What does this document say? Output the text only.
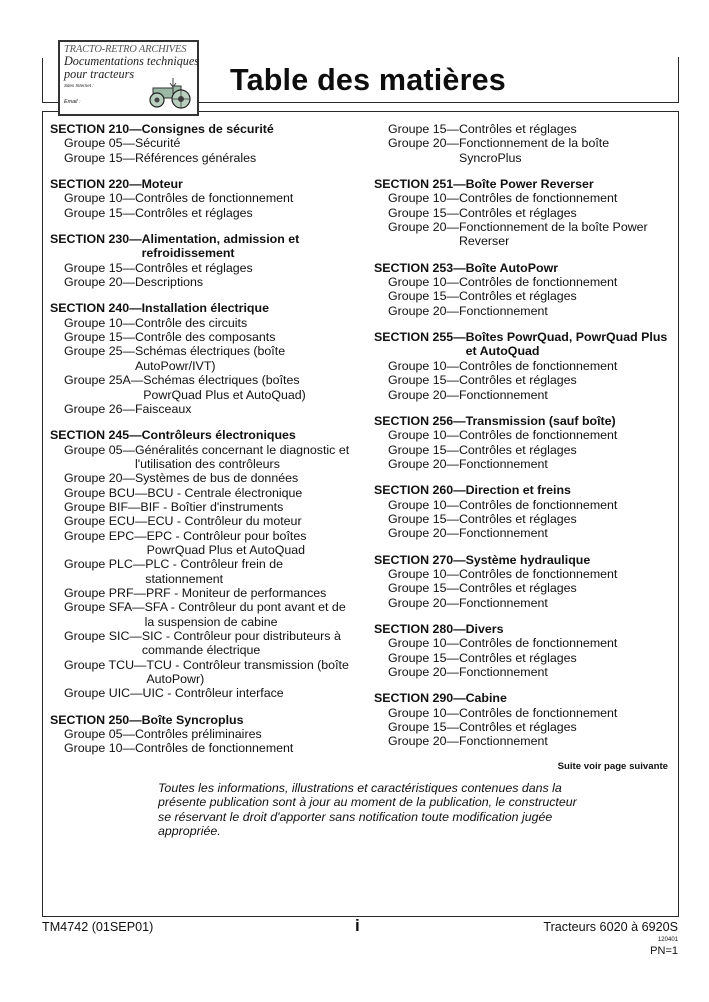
TRACTO-RETRO ARCHIVES
Documentations techniques
pour tracteurs
Sites Internet :
Email :
Table des matières
SECTION 210—Consignes de sécurité
Groupe 05—Sécurité
Groupe 15—Références générales
SECTION 220—Moteur
Groupe 10—Contrôles de fonctionnement
Groupe 15—Contrôles et réglages
SECTION 230—Alimentation, admission et
refroidissement
Groupe 15—Contrôles et réglages
Groupe 20—Descriptions
SECTION 240—Installation électrique
Groupe 10—Contrôle des circuits
Groupe 15—Contrôle des composants
Groupe 25—Schémas électriques (boîte
AutoPowr/IVT)
Groupe 25A—Schémas électriques (boîtes
PowrQuad Plus et AutoQuad)
Groupe 26—Faisceaux
SECTION 245—Contrôleurs électroniques
Groupe 05—Généralités concernant le diagnostic et
l'utilisation des contrôleurs
Groupe 20—Systèmes de bus de données
Groupe BCU—BCU - Centrale électronique
Groupe BIF—BIF - Boîtier d'instruments
Groupe ECU—ECU - Contrôleur du moteur
Groupe EPC—EPC - Contrôleur pour boîtes
PowrQuad Plus et AutoQuad
Groupe PLC—PLC - Contrôleur frein de
stationnement
Groupe PRF—PRF - Moniteur de performances
Groupe SFA—SFA - Contrôleur du pont avant et de
la suspension de cabine
Groupe SIC—SIC - Contrôleur pour distributeurs à
commande électrique
Groupe TCU—TCU - Contrôleur transmission (boîte
AutoPowr)
Groupe UIC—UIC - Contrôleur interface
SECTION 250—Boîte Syncroplus
Groupe 05—Contrôles préliminaires
Groupe 10—Contrôles de fonctionnement
Groupe 15—Contrôles et réglages
Groupe 20—Fonctionnement de la boîte
SyncroPlus
SECTION 251—Boîte Power Reverser
Groupe 10—Contrôles de fonctionnement
Groupe 15—Contrôles et réglages
Groupe 20—Fonctionnement de la boîte Power
Reverser
SECTION 253—Boîte AutoPowr
Groupe 10—Contrôles de fonctionnement
Groupe 15—Contrôles et réglages
Groupe 20—Fonctionnement
SECTION 255—Boîtes PowrQuad, PowrQuad Plus
et AutoQuad
Groupe 10—Contrôles de fonctionnement
Groupe 15—Contrôles et réglages
Groupe 20—Fonctionnement
SECTION 256—Transmission (sauf boîte)
Groupe 10—Contrôles de fonctionnement
Groupe 15—Contrôles et réglages
Groupe 20—Fonctionnement
SECTION 260—Direction et freins
Groupe 10—Contrôles de fonctionnement
Groupe 15—Contrôles et réglages
Groupe 20—Fonctionnement
SECTION 270—Système hydraulique
Groupe 10—Contrôles de fonctionnement
Groupe 15—Contrôles et réglages
Groupe 20—Fonctionnement
SECTION 280—Divers
Groupe 10—Contrôles de fonctionnement
Groupe 15—Contrôles et réglages
Groupe 20—Fonctionnement
SECTION 290—Cabine
Groupe 10—Contrôles de fonctionnement
Groupe 15—Contrôles et réglages
Groupe 20—Fonctionnement
Suite voir page suivante
Toutes les informations, illustrations et caractéristiques contenues dans la présente publication sont à jour au moment de la publication, le constructeur se réservant le droit d'apporter sans notification toute modification jugée appropriée.
TM4742 (01SEP01)	i	Tracteurs 6020 à 6920S
120401
PN=1
